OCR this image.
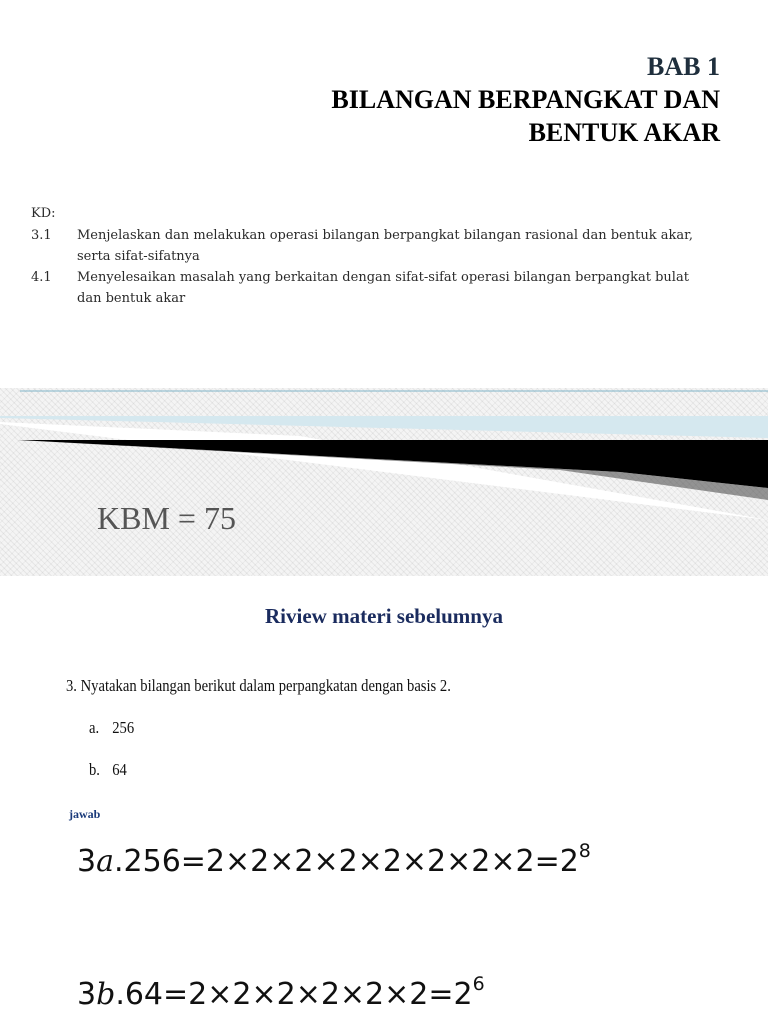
BAB 1
BILANGAN BERPANGKAT DAN
BENTUK AKAR
KD:
3.1	Menjelaskan dan melakukan operasi bilangan berpangkat bilangan rasional dan bentuk akar,
serta sifat-sifatnya
4.1	Menyelesaikan masalah yang berkaitan dengan sifat-sifat operasi bilangan berpangkat bulat
dan bentuk akar
KBM = 75
Riview materi sebelumnya
3. Nyatakan bilangan berikut dalam perpangkatan dengan basis 2.
a. 256
b. 64
jawab
$3a.256=2\times 2\times 2\times 2\times 2\times 2\times 2\times 2=2^8$
$3b.64=2\times 2\times 2\times 2\times 2\times 2=2^6$
